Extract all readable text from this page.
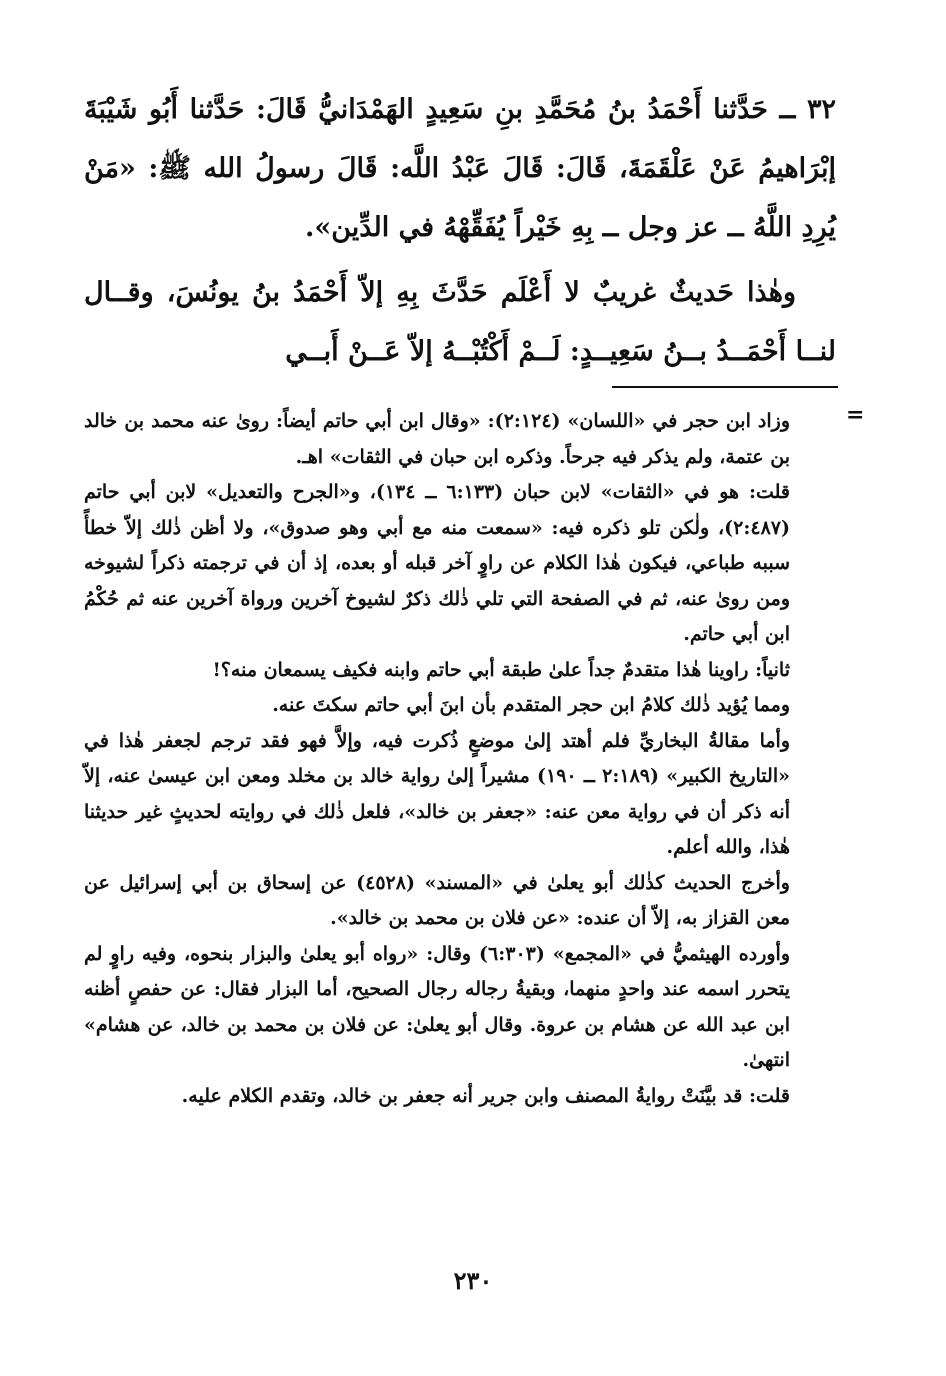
٣٢ ــ حَدَّثنا أَحْمَدُ بنُ مُحَمَّدِ بنِ سَعِيدٍ الهَمْدَانيُّ قَالَ: حَدَّثنا أَبُو شَيْبَةَ إبْرَاهيمُ عَنْ عَلْقَمَةَ، قَالَ: قَالَ عَبْدُ اللَّه: قَالَ رسولُ الله ﷺ: «مَنْ يُرِدِ اللَّهُ ــ عز وجل ــ بِهِ خَيْراً يُفَقِّهْهُ في الدِّين».

وهٰذا حَديثٌ غريبٌ لا أَعْلَم حَدَّثَ بِهِ إلاّ أَحْمَدُ بنُ يونُسَ، وقــال لنــا أَحْمَــدُ بــنُ سَعِيــدٍ: لَــمْ أَكْتُبْــهُ إلاّ عَــنْ أَبــي

=

وزاد ابن حجر في «اللسان» (٢:١٢٤): «وقال ابن أبي حاتم أيضاً: روىٰ عنه محمد بن خالد بن عتمة، ولم يذكر فيه جرحاً. وذكره ابن حبان في الثقات» اهـ.

قلت: هو في «الثقات» لابن حبان (٦:١٣٣ ــ ١٣٤)، و«الجرح والتعديل» لابن أبي حاتم (٢:٤٨٧)، ولٰكن تلو ذكره فيه: «سمعت منه مع أبي وهو صدوق»، ولا أظن ذٰلك إلاّ خطأً سببه طباعي، فيكون هٰذا الكلام عن راوٍ آخر قبله أو بعده، إذ أن في ترجمته ذكراً لشيوخه ومن روىٰ عنه، ثم في الصفحة التي تلي ذٰلك ذكرٌ لشيوخ آخرين ورواة آخرين عنه ثم حُكْمُ ابن أبي حاتم.

ثانياً: راوينا هٰذا متقدمٌ جداً علىٰ طبقة أبي حاتم وابنه فكيف يسمعان منه؟!

ومما يُؤيد ذٰلك كلامُ ابن حجر المتقدم بأن ابنَ أبي حاتم سكتَ عنه.

وأما مقالةُ البخاريِّ فلم أهتد إلىٰ موضعٍ ذُكرت فيه، وإلاَّ فهو فقد ترجم لجعفر هٰذا في «التاريخ الكبير» (٢:١٨٩ ــ ١٩٠) مشيراً إلىٰ رواية خالد بن مخلد ومعن ابن عيسىٰ عنه، إلاّ أنه ذكر أن في رواية معن عنه: «جعفر بن خالد»، فلعل ذٰلك في روايته لحديثٍ غير حديثنا هٰذا، والله أعلم.

وأخرج الحديث كذٰلك أبو يعلىٰ في «المسند» (٤٥٢٨) عن إسحاق بن أبي إسرائيل عن معن القزاز به، إلاّ أن عنده: «عن فلان بن محمد بن خالد».

وأورده الهيثميُّ في «المجمع» (٦:٣٠٣) وقال: «رواه أبو يعلىٰ والبزار بنحوه، وفيه راوٍ لم يتحرر اسمه عند واحدٍ منهما، وبقيةُ رجاله رجال الصحيح، أما البزار فقال: عن حفصٍ أظنه ابن عبد الله عن هشام بن عروة. وقال أبو يعلىٰ: عن فلان بن محمد بن خالد، عن هشام» انتهىٰ.

قلت: قد بيَّنَتْ روايةُ المصنف وابن جرير أنه جعفر بن خالد، وتقدم الكلام عليه.

٢٣٠
